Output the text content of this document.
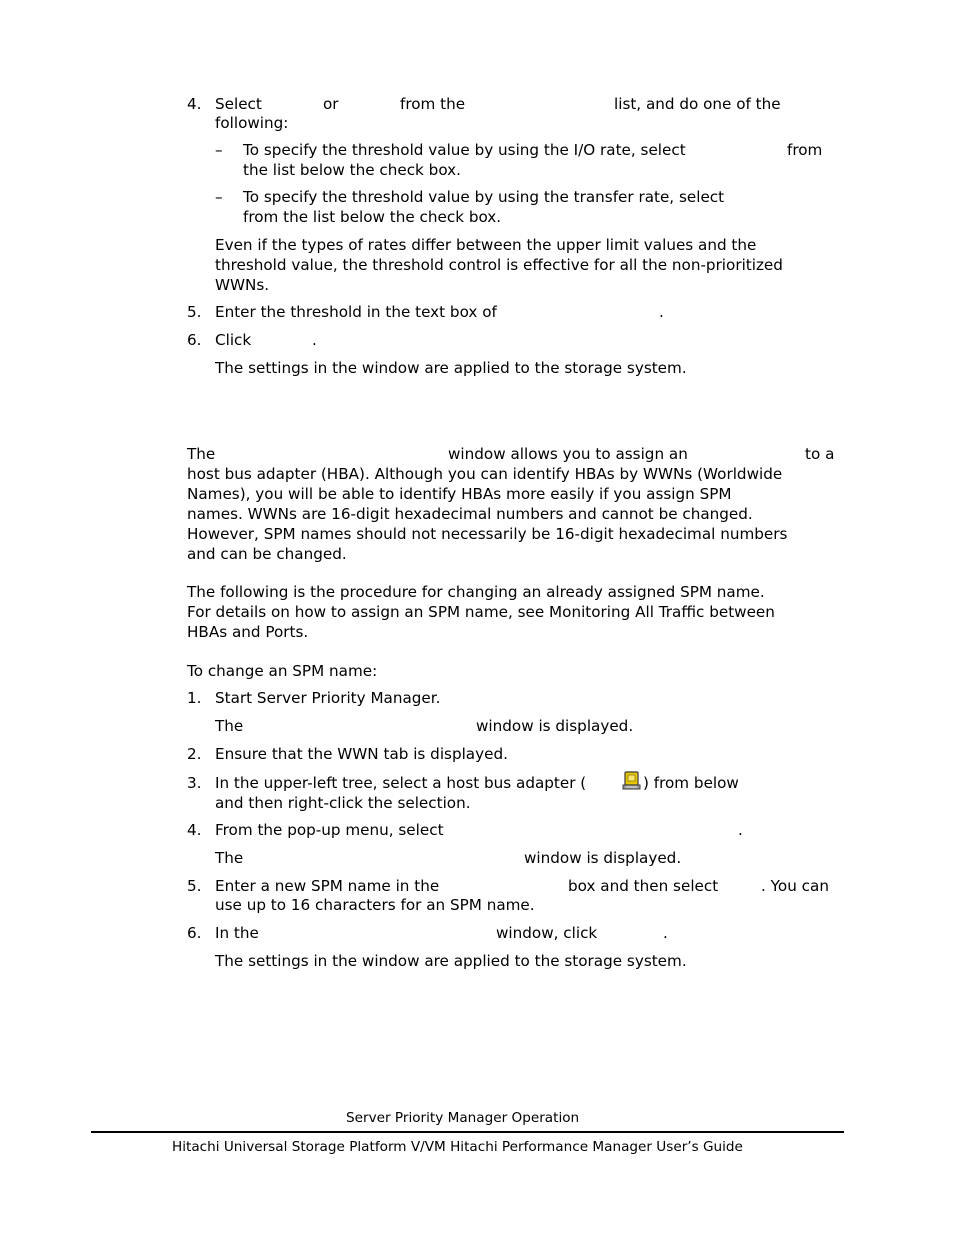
4. Select	or	from the	list, and do one of the
following:
– To specify the threshold value by using the I/O rate, select	from
the list below the check box.
– To specify the threshold value by using the transfer rate, select
from the list below the check box.
Even if the types of rates differ between the upper limit values and the
threshold value, the threshold control is effective for all the non-prioritized
WWNs.
5. Enter the threshold in the text box of	.
6. Click	.
The settings in the window are applied to the storage system.
The	window allows you to assign an	to a
host bus adapter (HBA). Although you can identify HBAs by WWNs (Worldwide
Names), you will be able to identify HBAs more easily if you assign SPM
names. WWNs are 16-digit hexadecimal numbers and cannot be changed.
However, SPM names should not necessarily be 16-digit hexadecimal numbers
and can be changed.
The following is the procedure for changing an already assigned SPM name.
For details on how to assign an SPM name, see Monitoring All Traffic between
HBAs and Ports.
To change an SPM name:
1. Start Server Priority Manager.
The	window is displayed.
2. Ensure that the WWN tab is displayed.
3. In the upper-left tree, select a host bus adapter (	) from below
and then right-click the selection.
4. From the pop-up menu, select	.
The	window is displayed.
5. Enter a new SPM name in the	box and then select	. You can
use up to 16 characters for an SPM name.
6. In the	window, click	.
The settings in the window are applied to the storage system.
Server Priority Manager Operation
Hitachi Universal Storage Platform V/VM Hitachi Performance Manager User’s Guide
